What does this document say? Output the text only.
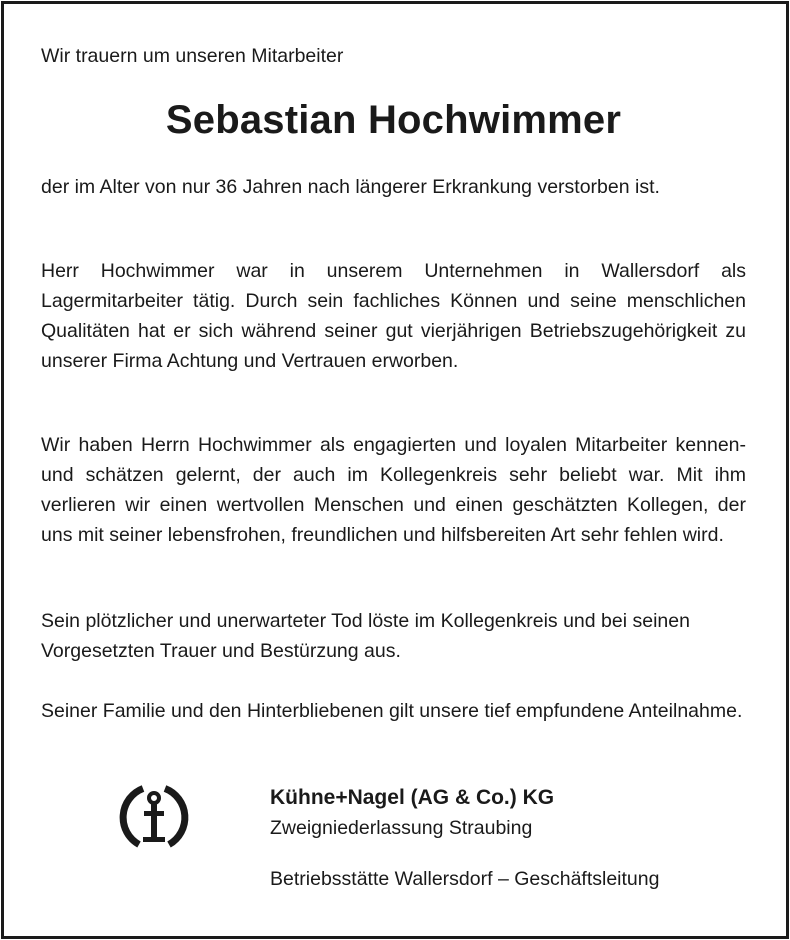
Wir trauern um unseren Mitarbeiter
Sebastian Hochwimmer

der im Alter von nur 36 Jahren nach längerer Erkrankung verstorben ist.

Herr Hochwimmer war in unserem Unternehmen in Wallersdorf als Lagermitarbeiter tätig. Durch sein fachliches Können und seine menschlichen Qualitäten hat er sich während seiner gut vierjährigen Betriebszugehörigkeit zu unserer Firma Achtung und Vertrauen erworben.

Wir haben Herrn Hochwimmer als engagierten und loyalen Mitarbeiter kennen- und schätzen gelernt, der auch im Kollegenkreis sehr beliebt war. Mit ihm verlieren wir einen wertvollen Menschen und einen geschätzten Kollegen, der uns mit seiner lebensfrohen, freundlichen und hilfsbereiten Art sehr fehlen wird.

Sein plötzlicher und unerwarteter Tod löste im Kollegenkreis und bei seinen Vorgesetzten Trauer und Bestürzung aus.

Seiner Familie und den Hinterbliebenen gilt unsere tief empfundene Anteilnahme.

Kühne+Nagel (AG & Co.) KG
Zweigniederlassung Straubing
Betriebsstätte Wallersdorf – Geschäftsleitung
